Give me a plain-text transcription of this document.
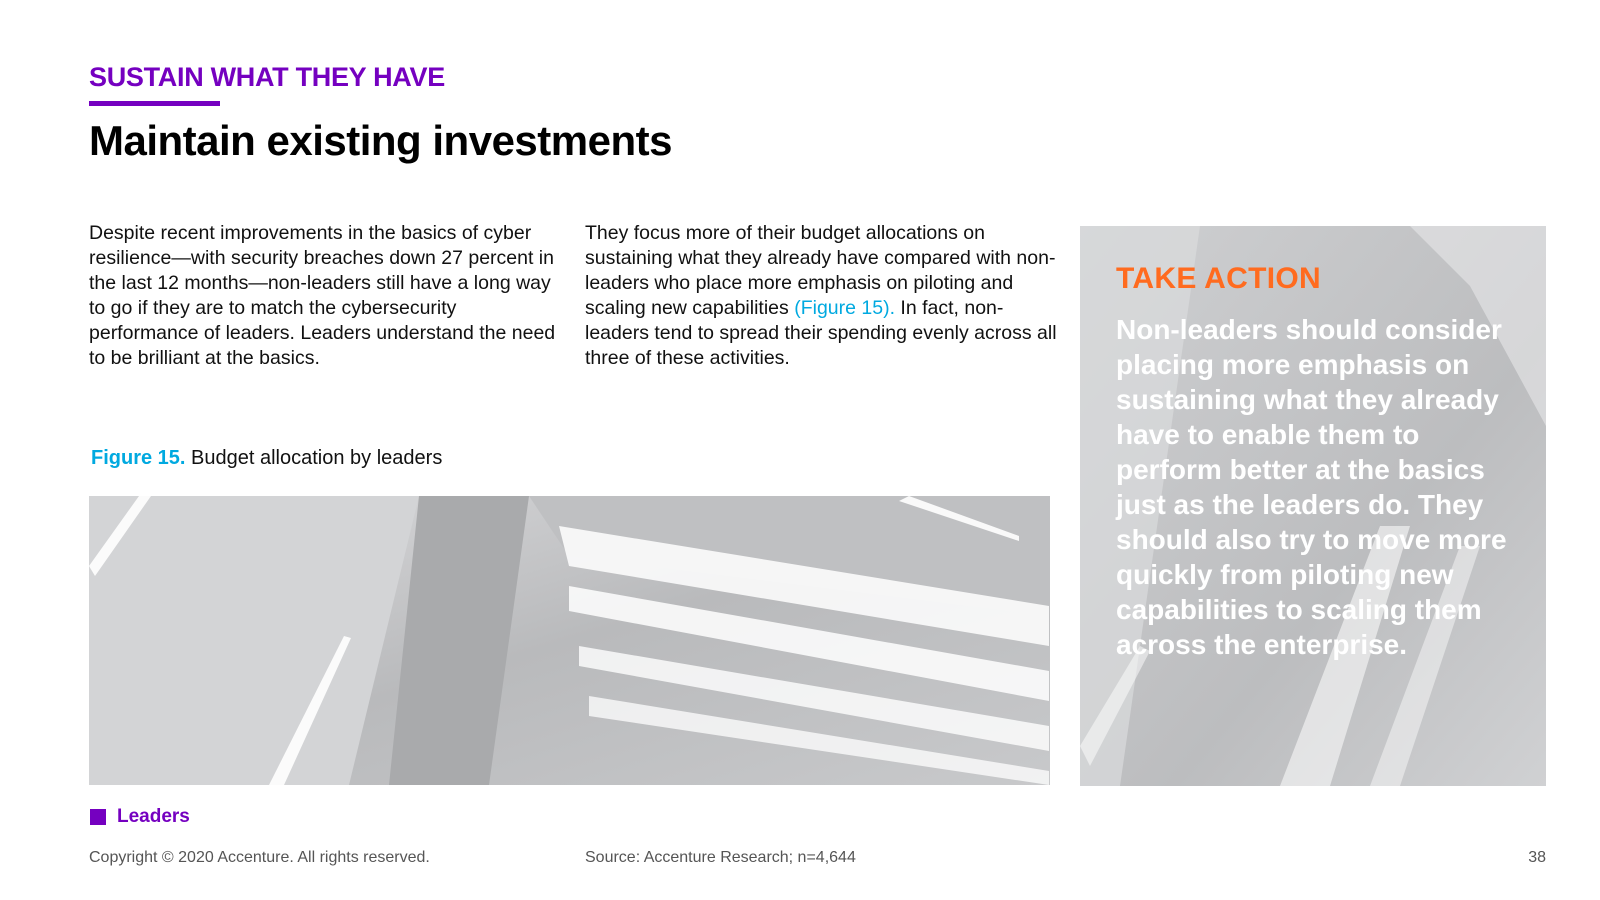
SUSTAIN WHAT THEY HAVE
Maintain existing investments
Despite recent improvements in the basics of cyber resilience—with security breaches down 27 percent in the last 12 months—non-leaders still have a long way to go if they are to match the cybersecurity performance of leaders. Leaders understand the need to be brilliant at the basics.
They focus more of their budget allocations on sustaining what they already have compared with non-leaders who place more emphasis on piloting and scaling new capabilities (Figure 15). In fact, non-leaders tend to spread their spending evenly across all three of these activities.
Figure 15. Budget allocation by leaders
Leaders
TAKE ACTION
Non-leaders should consider placing more emphasis on sustaining what they already have to enable them to perform better at the basics just as the leaders do. They should also try to move more quickly from piloting new capabilities to scaling them across the enterprise.
Copyright © 2020 Accenture. All rights reserved.	Source: Accenture Research; n=4,644	38
